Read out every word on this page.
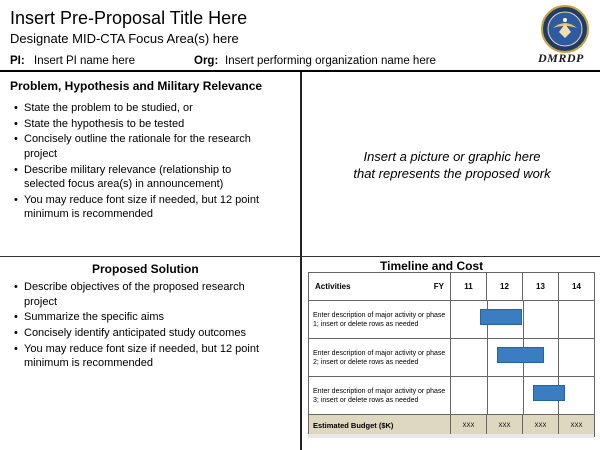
Insert Pre-Proposal Title Here
Designate MID-CTA Focus Area(s) here
DMRDP
PI: Insert PI name here	Org: Insert performing organization name here
Problem, Hypothesis and Military Relevance
• State the problem to be studied, or
• State the hypothesis to be tested
• Concisely outline the rationale for the research project
• Describe military relevance (relationship to selected focus area(s) in announcement)
• You may reduce font size if needed, but 12 point minimum is recommended
Insert a picture or graphic here that represents the proposed work
Proposed Solution
• Describe objectives of the proposed research project
• Summarize the specific aims
• Concisely identify anticipated study outcomes
• You may reduce font size if needed, but 12 point minimum is recommended
Timeline and Cost
Activities FY	11	12	13	14
Enter description of major activity or phase 1; insert or delete rows as needed				

Enter description of major activity or phase 2; insert or delete rows as needed				

Enter description of major activity or phase 3; insert or delete rows as needed				

Estimated Budget ($K)	XXX	XXX	XXX	XXX
